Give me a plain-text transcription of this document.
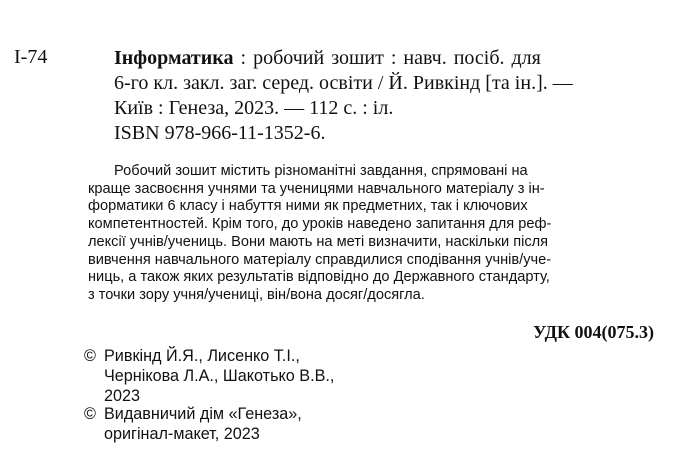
І-74	Інформатика : робочий зошит : навч. посіб. для
6-го кл. закл. заг. серед. освіти / Й. Ривкінд [та ін.]. —
Київ : Генеза, 2023. — 112 с. : іл.
ISBN 978-966-11-1352-6.
Робочий зошит містить різноманітні завдання, спрямовані на
краще засвоєння учнями та ученицями навчального матеріалу з ін-
форматики 6 класу і набуття ними як предметних, так і ключових
компетентностей. Крім того, до уроків наведено запитання для реф-
лексії учнів/учениць. Вони мають на меті визначити, наскільки після
вивчення навчального матеріалу справдилися сподівання учнів/уче-
ниць, а також яких результатів відповідно до Державного стандарту,
з точки зору учня/учениці, він/вона досяг/досягла.
УДК 004(075.3)
© Ривкінд Й.Я., Лисенко Т.І.,
Чернікова Л.А., Шакотько В.В.,
2023
© Видавничий дім «Генеза»,
оригінал-макет, 2023
